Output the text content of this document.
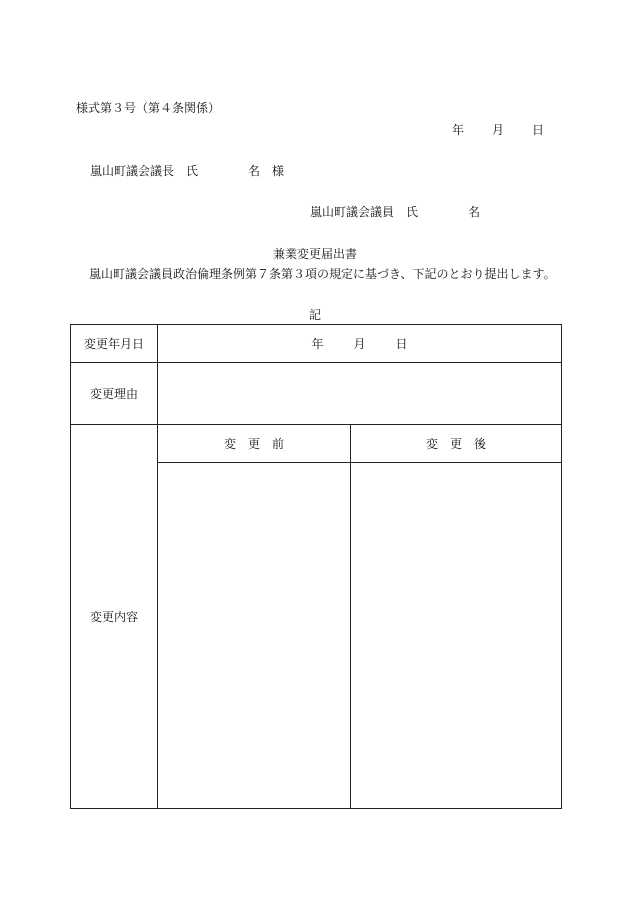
様式第３号（第４条関係）
年 月 日
嵐山町議会議長　氏	名　様
嵐山町議会議員　氏	名
兼業変更届出書
嵐山町議会議員政治倫理条例第７条第３項の規定に基づき、下記のとおり提出します。
記
変更年月日	年 月 日	
変更理由		
変更内容	変　更　前	変　更　後
